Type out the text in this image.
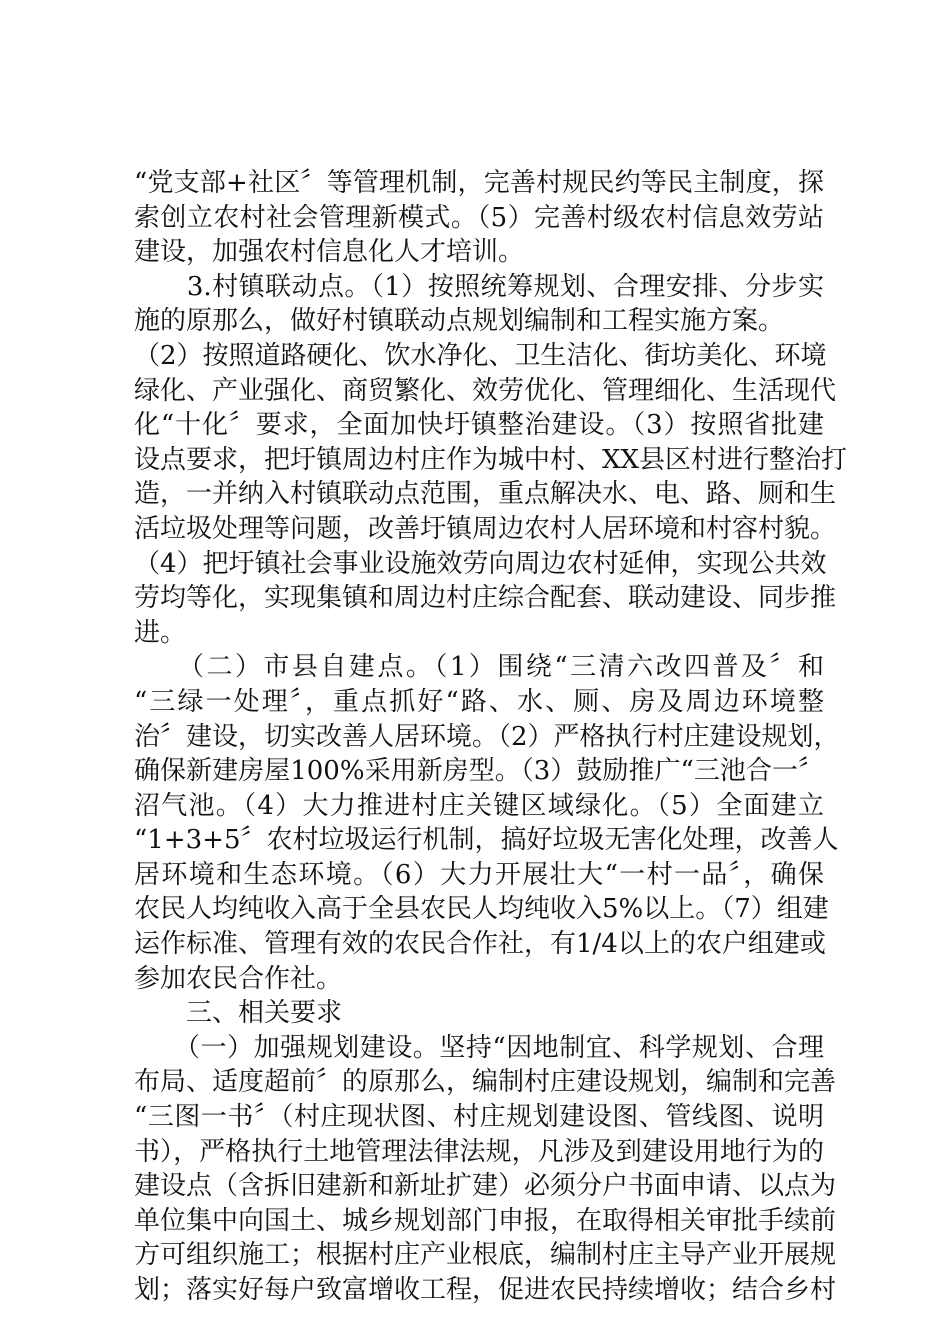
“党支部+社区〞等管理机制，完善村规民约等民主制度，探
索创立农村社会管理新模式。（5）完善村级农村信息效劳站
建设，加强农村信息化人才培训。
　　3.村镇联动点。（1）按照统筹规划、合理安排、分步实
施的原那么，做好村镇联动点规划编制和工程实施方案。
（2）按照道路硬化、饮水净化、卫生洁化、街坊美化、环境
绿化、产业强化、商贸繁化、效劳优化、管理细化、生活现代
化“十化〞要求，全面加快圩镇整治建设。（3）按照省批建
设点要求，把圩镇周边村庄作为城中村、XX县区村进行整治打
造，一并纳入村镇联动点范围，重点解决水、电、路、厕和生
活垃圾处理等问题，改善圩镇周边农村人居环境和村容村貌。
（4）把圩镇社会事业设施效劳向周边农村延伸，实现公共效
劳均等化，实现集镇和周边村庄综合配套、联动建设、同步推
进。
　　（二）市县自建点。（1）围绕“三清六改四普及〞和
“三绿一处理〞，重点抓好“路、水、厕、房及周边环境整
治〞建设，切实改善人居环境。（2）严格执行村庄建设规划，
确保新建房屋100%采用新房型。（3）鼓励推广“三池合一〞
沼气池。（4）大力推进村庄关键区域绿化。（5）全面建立
“1+3+5〞农村垃圾运行机制，搞好垃圾无害化处理，改善人
居环境和生态环境。（6）大力开展壮大“一村一品〞，确保
农民人均纯收入高于全县农民人均纯收入5%以上。（7）组建
运作标准、管理有效的农民合作社，有1/4以上的农户组建或
参加农民合作社。
　　三、相关要求
　　（一）加强规划建设。坚持“因地制宜、科学规划、合理
布局、适度超前〞的原那么，编制村庄建设规划，编制和完善
“三图一书〞（村庄现状图、村庄规划建设图、管线图、说明
书），严格执行土地管理法律法规，凡涉及到建设用地行为的
建设点（含拆旧建新和新址扩建）必须分户书面申请、以点为
单位集中向国土、城乡规划部门申报，在取得相关审批手续前
方可组织施工；根据村庄产业根底，编制村庄主导产业开展规
划；落实好每户致富增收工程，促进农民持续增收；结合乡村
